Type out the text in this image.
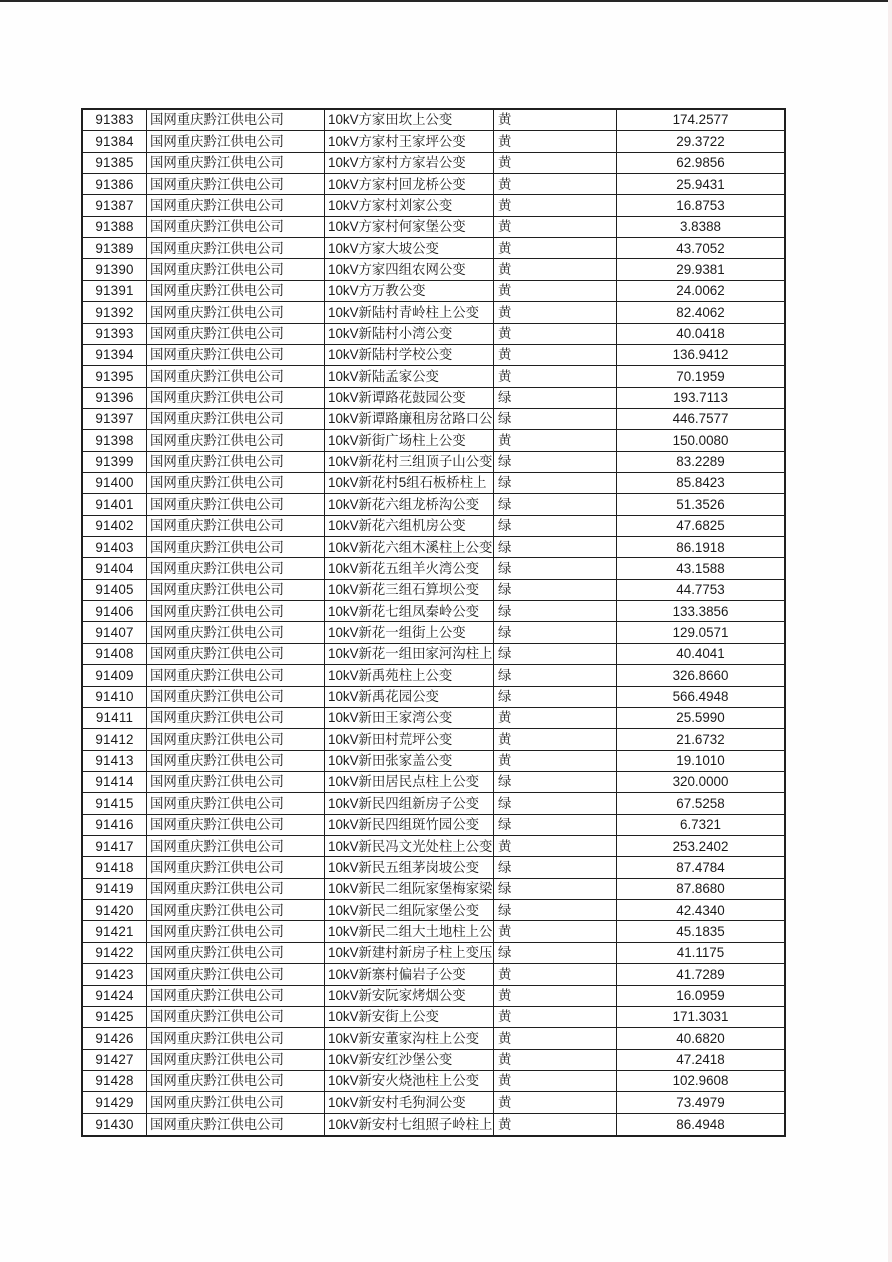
91383	国网重庆黔江供电公司	10kV方家田坎上公变	黄	174.2577
91384	国网重庆黔江供电公司	10kV方家村王家坪公变	黄	29.3722
91385	国网重庆黔江供电公司	10kV方家村方家岩公变	黄	62.9856
91386	国网重庆黔江供电公司	10kV方家村回龙桥公变	黄	25.9431
91387	国网重庆黔江供电公司	10kV方家村刘家公变	黄	16.8753
91388	国网重庆黔江供电公司	10kV方家村何家堡公变	黄	3.8388
91389	国网重庆黔江供电公司	10kV方家大坡公变	黄	43.7052
91390	国网重庆黔江供电公司	10kV方家四组农网公变	黄	29.9381
91391	国网重庆黔江供电公司	10kV方万教公变	黄	24.0062
91392	国网重庆黔江供电公司	10kV新陆村青岭柱上公变	黄	82.4062
91393	国网重庆黔江供电公司	10kV新陆村小湾公变	黄	40.0418
91394	国网重庆黔江供电公司	10kV新陆村学校公变	黄	136.9412
91395	国网重庆黔江供电公司	10kV新陆孟家公变	黄	70.1959
91396	国网重庆黔江供电公司	10kV新谭路花鼓园公变	绿	193.7113
91397	国网重庆黔江供电公司	10kV新谭路廉租房岔路口公 绿	446.7577
91398	国网重庆黔江供电公司	10kV新街广场柱上公变	黄	150.0080
91399	国网重庆黔江供电公司	10kV新花村三组顶子山公变 绿	83.2289
91400	国网重庆黔江供电公司	10kV新花村5组石板桥柱上 绿	85.8423
91401	国网重庆黔江供电公司	10kV新花六组龙桥沟公变	绿	51.3526
91402	国网重庆黔江供电公司	10kV新花六组机房公变	绿	47.6825
91403	国网重庆黔江供电公司	10kV新花六组木溪柱上公变 绿	86.1918
91404	国网重庆黔江供电公司	10kV新花五组羊火湾公变	绿	43.1588
91405	国网重庆黔江供电公司	10kV新花三组石算坝公变	绿	44.7753
91406	国网重庆黔江供电公司	10kV新花七组凤秦岭公变	绿	133.3856
91407	国网重庆黔江供电公司	10kV新花一组街上公变	绿	129.0571
91408	国网重庆黔江供电公司	10kV新花一组田家河沟柱上 绿	40.4041
91409	国网重庆黔江供电公司	10kV新禹苑柱上公变	绿	326.8660
91410	国网重庆黔江供电公司	10kV新禹花园公变	绿	566.4948
91411	国网重庆黔江供电公司	10kV新田王家湾公变	黄	25.5990
91412	国网重庆黔江供电公司	10kV新田村荒坪公变	黄	21.6732
91413	国网重庆黔江供电公司	10kV新田张家盖公变	黄	19.1010
91414	国网重庆黔江供电公司	10kV新田居民点柱上公变	绿	320.0000
91415	国网重庆黔江供电公司	10kV新民四组新房子公变	绿	67.5258
91416	国网重庆黔江供电公司	10kV新民四组斑竹园公变	绿	6.7321
91417	国网重庆黔江供电公司	10kV新民冯文光处柱上公变 黄	253.2402
91418	国网重庆黔江供电公司	10kV新民五组茅岗坡公变	绿	87.4784
91419	国网重庆黔江供电公司	10kV新民二组阮家堡梅家梁 绿	87.8680
91420	国网重庆黔江供电公司	10kV新民二组阮家堡公变	绿	42.4340
91421	国网重庆黔江供电公司	10kV新民二组大土地柱上公 黄	45.1835
91422	国网重庆黔江供电公司	10kV新建村新房子柱上变压 绿	41.1175
91423	国网重庆黔江供电公司	10kV新寨村偏岩子公变	黄	41.7289
91424	国网重庆黔江供电公司	10kV新安阮家烤烟公变	黄	16.0959
91425	国网重庆黔江供电公司	10kV新安街上公变	黄	171.3031
91426	国网重庆黔江供电公司	10kV新安董家沟柱上公变	黄	40.6820
91427	国网重庆黔江供电公司	10kV新安红沙堡公变	黄	47.2418
91428	国网重庆黔江供电公司	10kV新安火烧池柱上公变	黄	102.9608
91429	国网重庆黔江供电公司	10kV新安村毛狗洞公变	黄	73.4979
91430	国网重庆黔江供电公司	10kV新安村七组照子岭柱上 黄	86.4948
